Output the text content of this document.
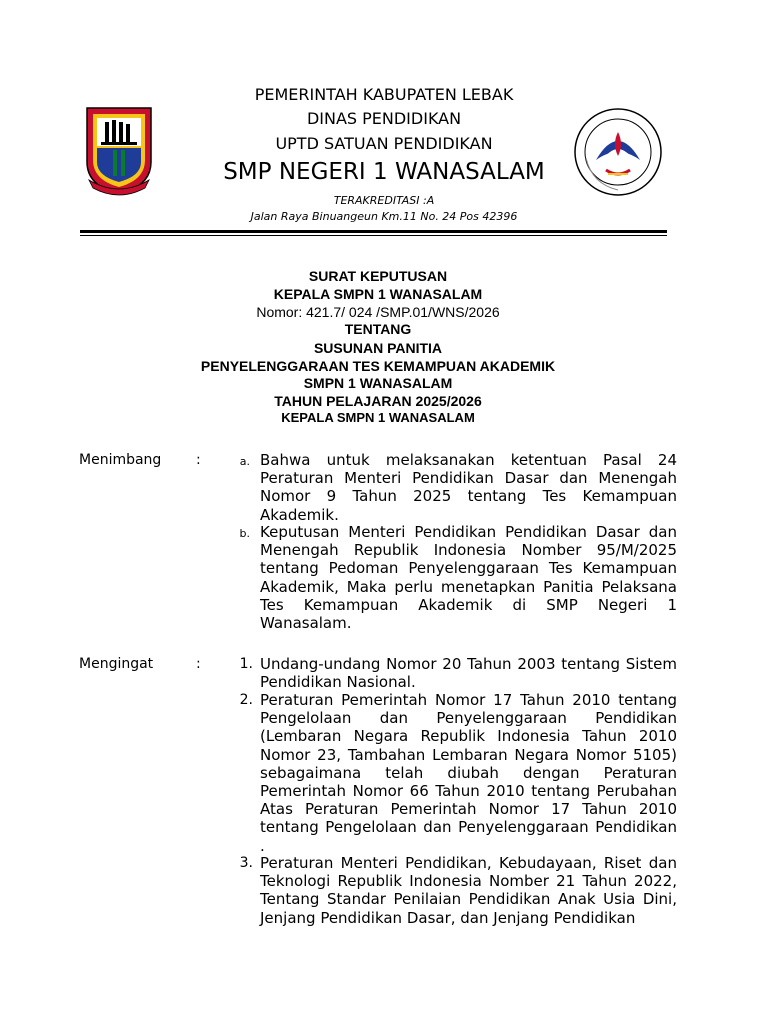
PEMERINTAH KABUPATEN LEBAK
DINAS PENDIDIKAN
UPTD SATUAN PENDIDIKAN
SMP NEGERI 1 WANASALAM
TERAKREDITASI :A
Jalan Raya Binuangeun Km.11 No. 24 Pos 42396
SURAT KEPUTUSAN
KEPALA SMPN 1 WANASALAM
Nomor: 421.7/ 024 /SMP.01/WNS/2026
TENTANG
SUSUNAN PANITIA
PENYELENGGARAAN TES KEMAMPUAN AKADEMIK
SMPN 1 WANASALAM
TAHUN PELAJARAN 2025/2026
KEPALA SMPN 1 WANASALAM
Menimbang :	a. Bahwa untuk melaksanakan ketentuan Pasal 24 Peraturan Menteri Pendidikan Dasar dan Menengah Nomor 9 Tahun 2025 tentang Tes Kemampuan Akademik.
b. Keputusan Menteri Pendidikan Pendidikan Dasar dan Menengah Republik Indonesia Nomber 95/M/2025 tentang Pedoman Penyelenggaraan Tes Kemampuan Akademik, Maka perlu menetapkan Panitia Pelaksana Tes Kemampuan Akademik di SMP Negeri 1 Wanasalam.
Mengingat	:	1. Undang-undang Nomor 20 Tahun 2003 tentang Sistem Pendidikan Nasional.
2. Peraturan Pemerintah Nomor 17 Tahun 2010 tentang Pengelolaan dan Penyelenggaraan Pendidikan (Lembaran Negara Republik Indonesia Tahun 2010 Nomor 23, Tambahan Lembaran Negara Nomor 5105) sebagaimana telah diubah dengan Peraturan Pemerintah Nomor 66 Tahun 2010 tentang Perubahan Atas Peraturan Pemerintah Nomor 17 Tahun 2010 tentang Pengelolaan dan Penyelenggaraan Pendidikan .
3. Peraturan Menteri Pendidikan, Kebudayaan, Riset dan Teknologi Republik Indonesia Nomber 21 Tahun 2022, Tentang Standar Penilaian Pendidikan Anak Usia Dini, Jenjang Pendidikan Dasar, dan Jenjang Pendidikan
